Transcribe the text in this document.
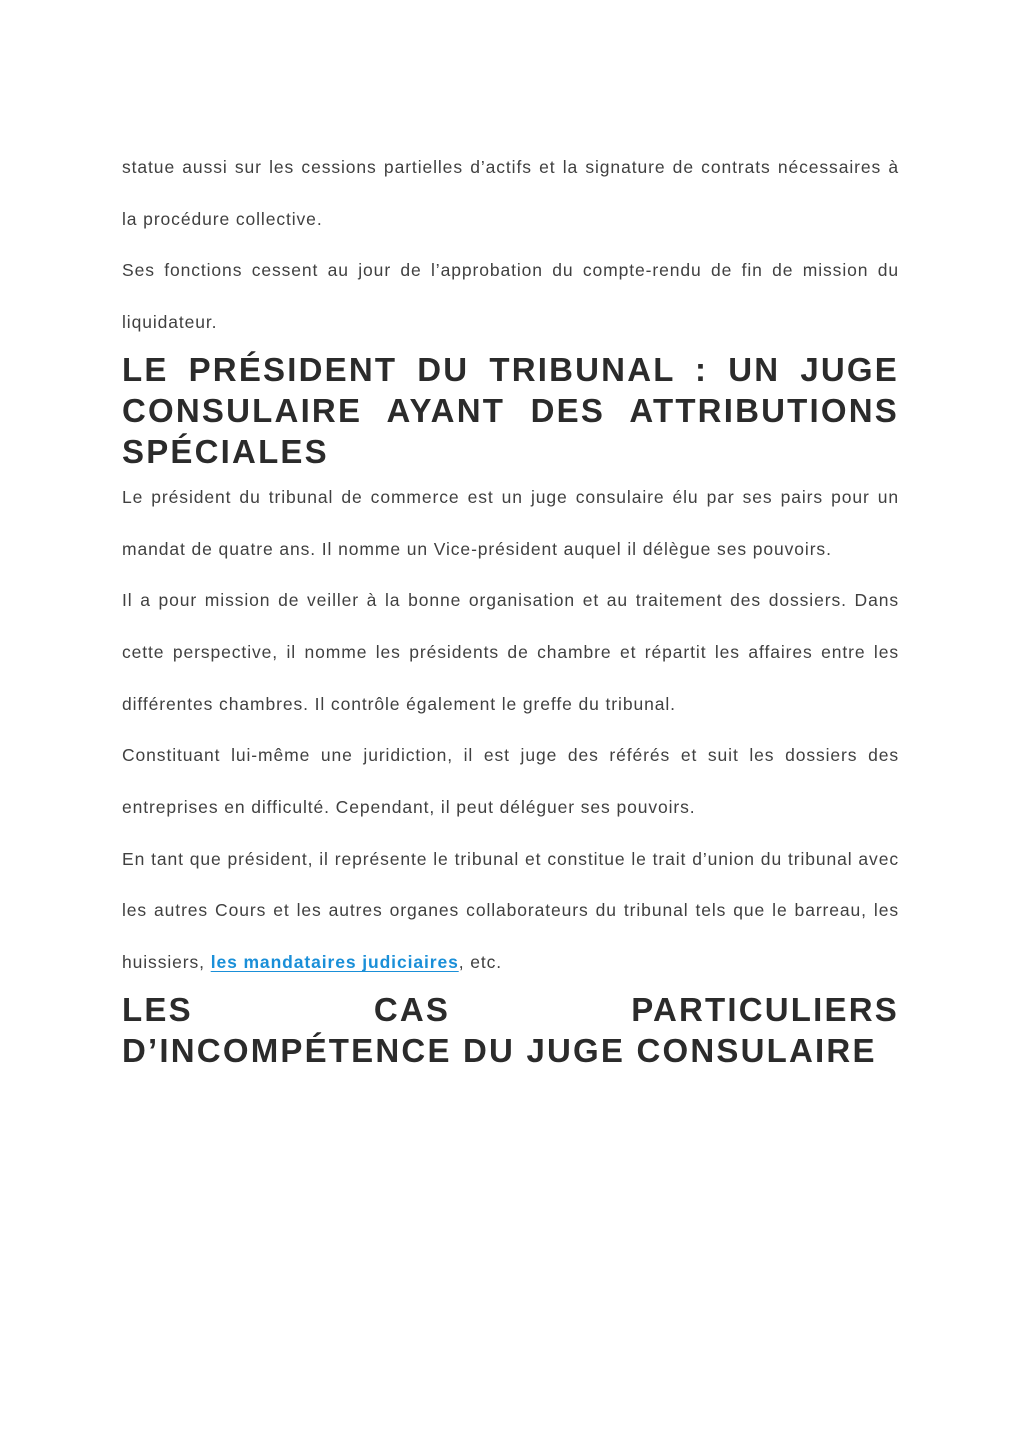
statue aussi sur les cessions partielles d’actifs et la signature de contrats nécessaires à la procédure collective.

Ses fonctions cessent au jour de l’approbation du compte-rendu de fin de mission du liquidateur.

LE PRÉSIDENT DU TRIBUNAL : UN JUGE CONSULAIRE AYANT DES ATTRIBUTIONS SPÉCIALES

Le président du tribunal de commerce est un juge consulaire élu par ses pairs pour un mandat de quatre ans. Il nomme un Vice-président auquel il délègue ses pouvoirs.

Il a pour mission de veiller à la bonne organisation et au traitement des dossiers. Dans cette perspective, il nomme les présidents de chambre et répartit les affaires entre les différentes chambres. Il contrôle également le greffe du tribunal.

Constituant lui-même une juridiction, il est juge des référés et suit les dossiers des entreprises en difficulté. Cependant, il peut déléguer ses pouvoirs.

En tant que président, il représente le tribunal et constitue le trait d’union du tribunal avec les autres Cours et les autres organes collaborateurs du tribunal tels que le barreau, les huissiers, les mandataires judiciaires, etc.

LES CAS PARTICULIERS D’INCOMPÉTENCE DU JUGE CONSULAIRE
